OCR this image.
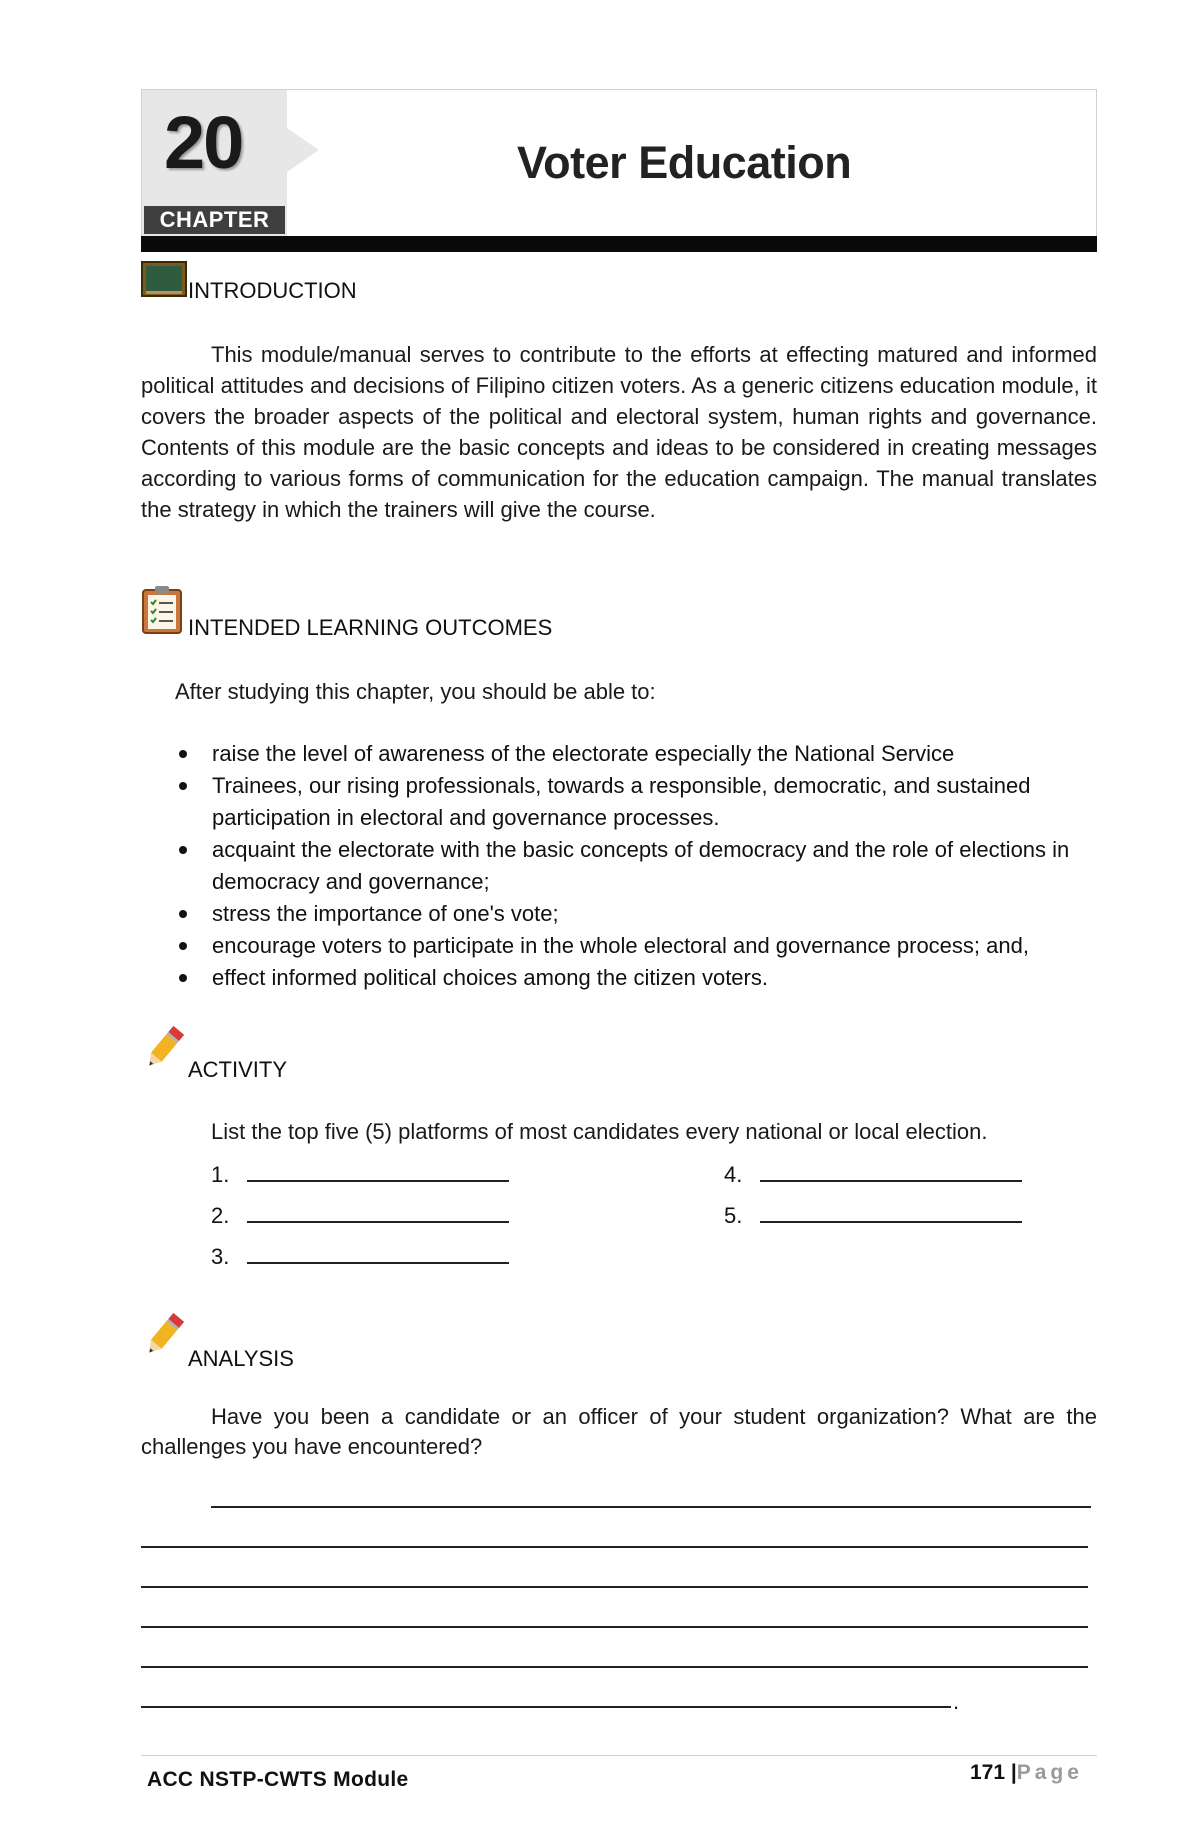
20
CHAPTER
Voter Education
INTRODUCTION
This module/manual serves to contribute to the efforts at effecting matured and informed political attitudes and decisions of Filipino citizen voters. As a generic citizens education module, it covers the broader aspects of the political and electoral system, human rights and governance. Contents of this module are the basic concepts and ideas to be considered in creating messages according to various forms of communication for the education campaign. The manual translates the strategy in which the trainers will give the course.
INTENDED LEARNING OUTCOMES
After studying this chapter, you should be able to:
raise the level of awareness of the electorate especially the National Service
Trainees, our rising professionals, towards a responsible, democratic, and sustained participation in electoral and governance processes.
acquaint the electorate with the basic concepts of democracy and the role of elections in democracy and governance;
stress the importance of one's vote;
encourage voters to participate in the whole electoral and governance process; and,
effect informed political choices among the citizen voters.
ACTIVITY
List the top five (5) platforms of most candidates every national or local election.
1.
2.
3.
4.
5.
ANALYSIS
Have you been a candidate or an officer of your student organization? What are the challenges you have encountered?
.
ACC NSTP-CWTS Module	171 |Page
